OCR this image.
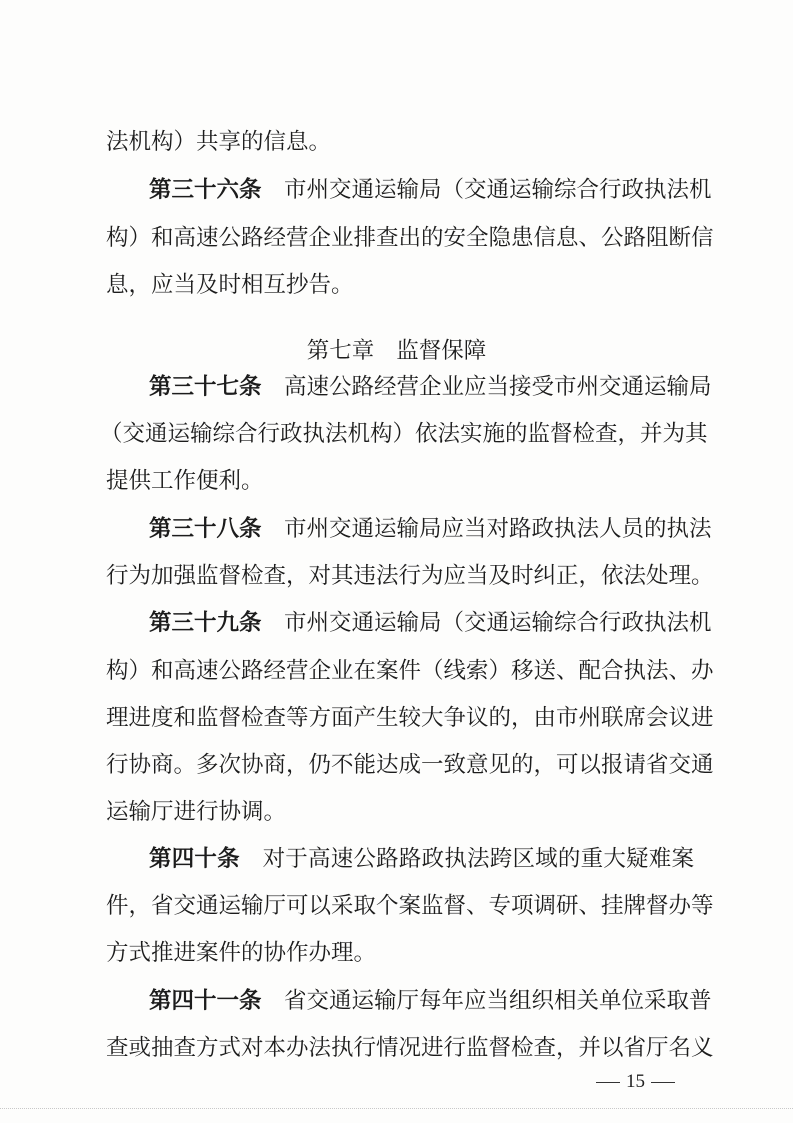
法机构）共享的信息。
第三十六条　市州交通运输局（交通运输综合行政执法机
构）和高速公路经营企业排查出的安全隐患信息、公路阻断信
息，应当及时相互抄告。
第七章 监督保障
第三十七条　高速公路经营企业应当接受市州交通运输局
（交通运输综合行政执法机构）依法实施的监督检查，并为其
提供工作便利。
第三十八条　市州交通运输局应当对路政执法人员的执法
行为加强监督检查，对其违法行为应当及时纠正，依法处理。
第三十九条　市州交通运输局（交通运输综合行政执法机
构）和高速公路经营企业在案件（线索）移送、配合执法、办
理进度和监督检查等方面产生较大争议的，由市州联席会议进
行协商。多次协商，仍不能达成一致意见的，可以报请省交通
运输厅进行协调。
第四十条　对于高速公路路政执法跨区域的重大疑难案
件，省交通运输厅可以采取个案监督、专项调研、挂牌督办等
方式推进案件的协作办理。
第四十一条　省交通运输厅每年应当组织相关单位采取普
查或抽查方式对本办法执行情况进行监督检查，并以省厅名义
15
